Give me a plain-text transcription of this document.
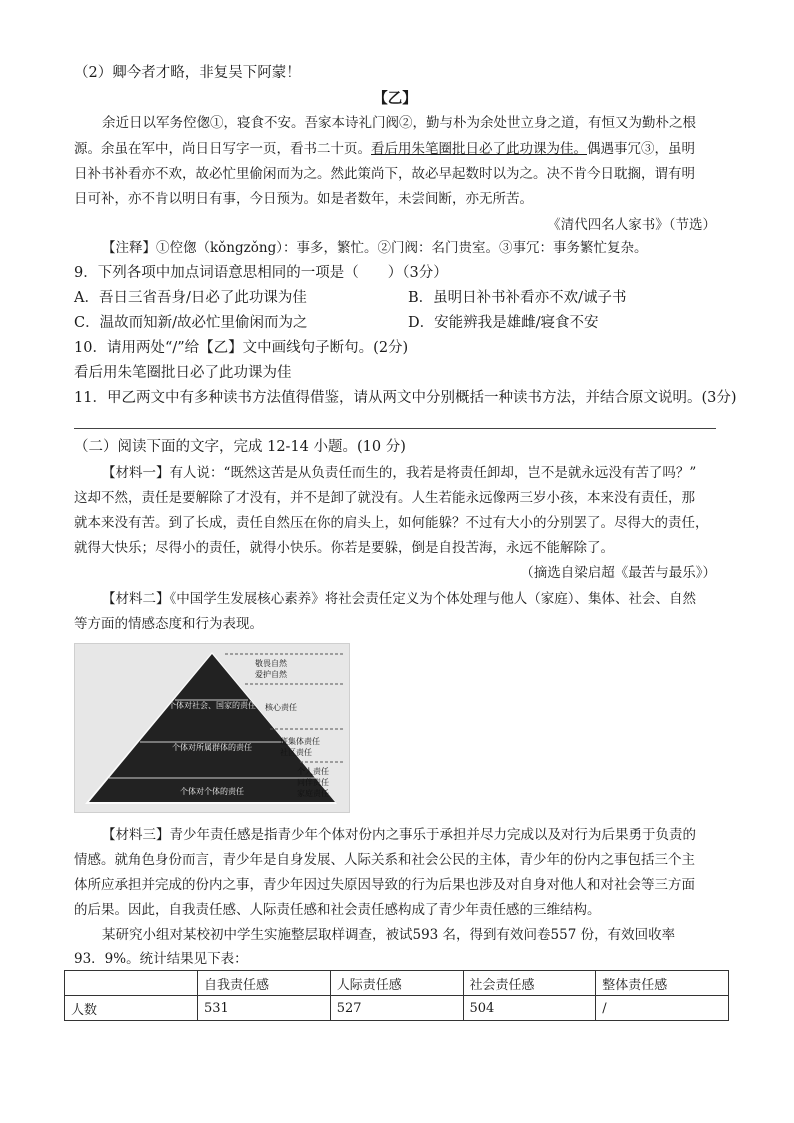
（2）卿今者才略，非复吴下阿蒙！
【乙】
余近日以军务倥偬①，寝食不安。吾家本诗礼门阀②，勤与朴为余处世立身之道，有恒又为勤朴之根
源。余虽在军中，尚日日写字一页，看书二十页。看后用朱笔圈批日必了此功课为佳。偶遇事冗③，虽明
日补书补看亦不欢，故必忙里偷闲而为之。然此策尚下，故必早起数时以为之。决不肯今日耽搁，谓有明
日可补，亦不肯以明日有事，今日预为。如是者数年，未尝间断，亦无所苦。
《清代四名人家书》（节选）
【注释】①倥偬（kǒngzǒng）：事多，繁忙。②门阀：名门贵室。③事冗：事务繁忙复杂。
9．下列各项中加点词语意思相同的一项是（　　）（3分）
A．吾日三省吾身/日必了此功课为佳	B．虽明日补书补看亦不欢/诚子书
C．温故而知新/故必忙里偷闲而为之	D．安能辨我是雄雌/寝食不安
10．请用两处“/”给【乙】文中画线句子断句。(2分)
看后用朱笔圈批日必了此功课为佳
11．甲乙两文中有多种读书方法值得借鉴，请从两文中分别概括一种读书方法，并结合原文说明。(3分)
（二）阅读下面的文字，完成 12-14 小题。(10 分)
【材料一】有人说：“既然这苦是从负责任而生的，我若是将责任卸却，岂不是就永远没有苦了吗？”
这却不然，责任是要解除了才没有，并不是卸了就没有。人生若能永远像两三岁小孩，本来没有责任，那
就本来没有苦。到了长成，责任自然压在你的肩头上，如何能躲？不过有大小的分别罢了。尽得大的责任，
就得大快乐；尽得小的责任，就得小快乐。你若是要躲，倒是自投苦海，永远不能解除了。
（摘选自梁启超《最苦与最乐》）
【材料二】《中国学生发展核心素养》将社会责任定义为个体处理与他人（家庭）、集体、社会、自然
等方面的情感态度和行为表现。
个体对社会、国家的责任
个体对所属群体的责任
个体对个体的责任
敬畏自然
爱护自然
核心责任
班集体责任
社区责任
个人责任
同伴责任
家庭责任
【材料三】青少年责任感是指青少年个体对份内之事乐于承担并尽力完成以及对行为后果勇于负责的
情感。就角色身份而言，青少年是自身发展、人际关系和社会公民的主体，青少年的份内之事包括三个主
体所应承担并完成的份内之事，青少年因过失原因导致的行为后果也涉及对自身对他人和对社会等三方面
的后果。因此，自我责任感、人际责任感和社会责任感构成了青少年责任感的三维结构。
某研究小组对某校初中学生实施整层取样调查，被试593 名，得到有效问卷557 份，有效回收率
93．9%。统计结果见下表：
	自我责任感	人际责任感	社会责任感	整体责任感
人数	531	527	504	/
